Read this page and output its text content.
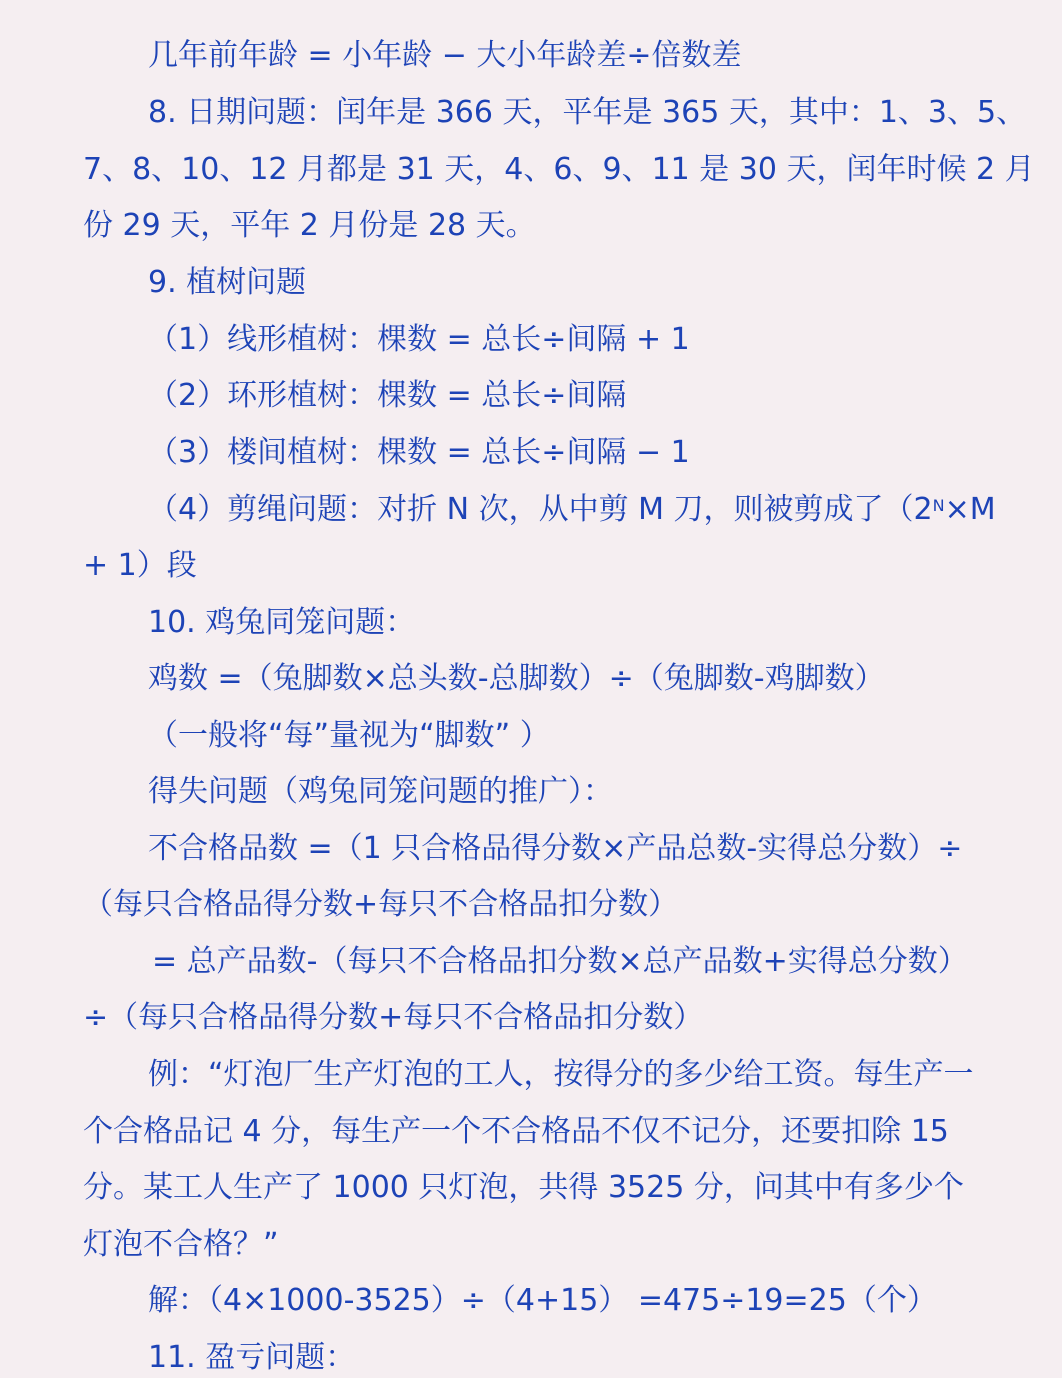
几年前年龄 = 小年龄 − 大小年龄差÷倍数差
8. 日期问题：闰年是 366 天，平年是 365 天，其中：1、3、5、
7、8、10、12 月都是 31 天，4、6、9、11 是 30 天，闰年时候 2 月
份 29 天，平年 2 月份是 28 天。
9. 植树问题
（1）线形植树：棵数 = 总长÷间隔 + 1
（2）环形植树：棵数 = 总长÷间隔
（3）楼间植树：棵数 = 总长÷间隔 − 1
（4）剪绳问题：对折 N 次，从中剪 M 刀，则被剪成了（$2^N\times M$
+ 1）段
10. 鸡兔同笼问题：
鸡数 =（兔脚数×总头数-总脚数）÷（兔脚数-鸡脚数）
（一般将“每”量视为“脚数” ）
得失问题（鸡兔同笼问题的推广）：
不合格品数 =（1 只合格品得分数×产品总数-实得总分数）÷
（每只合格品得分数+每只不合格品扣分数）
= 总产品数-（每只不合格品扣分数×总产品数+实得总分数）
÷（每只合格品得分数+每只不合格品扣分数）
例：“灯泡厂生产灯泡的工人，按得分的多少给工资。每生产一
个合格品记 4 分，每生产一个不合格品不仅不记分，还要扣除 15
分。某工人生产了 1000 只灯泡，共得 3525 分，问其中有多少个
灯泡不合格？”
解：（4×1000-3525）÷（4+15） =475÷19=25（个）
11. 盈亏问题：
